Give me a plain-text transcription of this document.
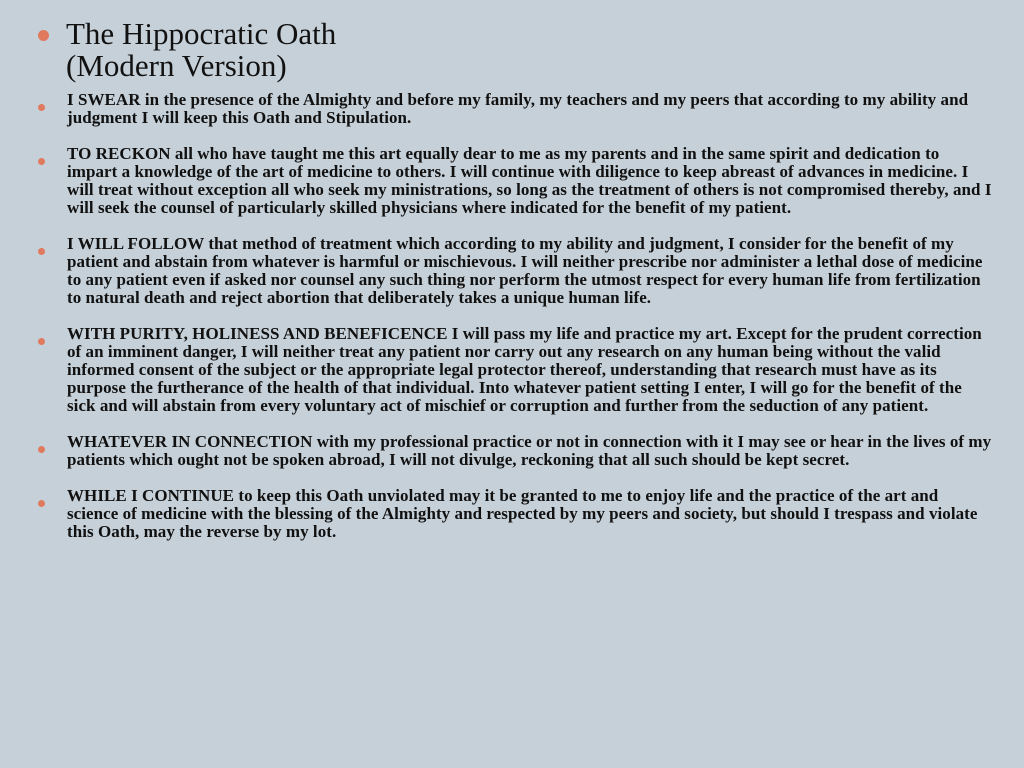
The Hippocratic Oath
(Modern Version)
I SWEAR in the presence of the Almighty and before my family, my teachers and my peers that according to my ability and judgment I will keep this Oath and Stipulation.
TO RECKON all who have taught me this art equally dear to me as my parents and in the same spirit and dedication to impart a knowledge of the art of medicine to others. I will continue with diligence to keep abreast of advances in medicine. I will treat without exception all who seek my ministrations, so long as the treatment of others is not compromised thereby, and I will seek the counsel of particularly skilled physicians where indicated for the benefit of my patient.
I WILL FOLLOW that method of treatment which according to my ability and judgment, I consider for the benefit of my patient and abstain from whatever is harmful or mischievous. I will neither prescribe nor administer a lethal dose of medicine to any patient even if asked nor counsel any such thing nor perform the utmost respect for every human life from fertilization to natural death and reject abortion that deliberately takes a unique human life.
WITH PURITY, HOLINESS AND BENEFICENCE I will pass my life and practice my art. Except for the prudent correction of an imminent danger, I will neither treat any patient nor carry out any research on any human being without the valid informed consent of the subject or the appropriate legal protector thereof, understanding that research must have as its purpose the furtherance of the health of that individual. Into whatever patient setting I enter, I will go for the benefit of the sick and will abstain from every voluntary act of mischief or corruption and further from the seduction of any patient.
WHATEVER IN CONNECTION with my professional practice or not in connection with it I may see or hear in the lives of my patients which ought not be spoken abroad, I will not divulge, reckoning that all such should be kept secret.
WHILE I CONTINUE to keep this Oath unviolated may it be granted to me to enjoy life and the practice of the art and science of medicine with the blessing of the Almighty and respected by my peers and society, but should I trespass and violate this Oath, may the reverse by my lot.
